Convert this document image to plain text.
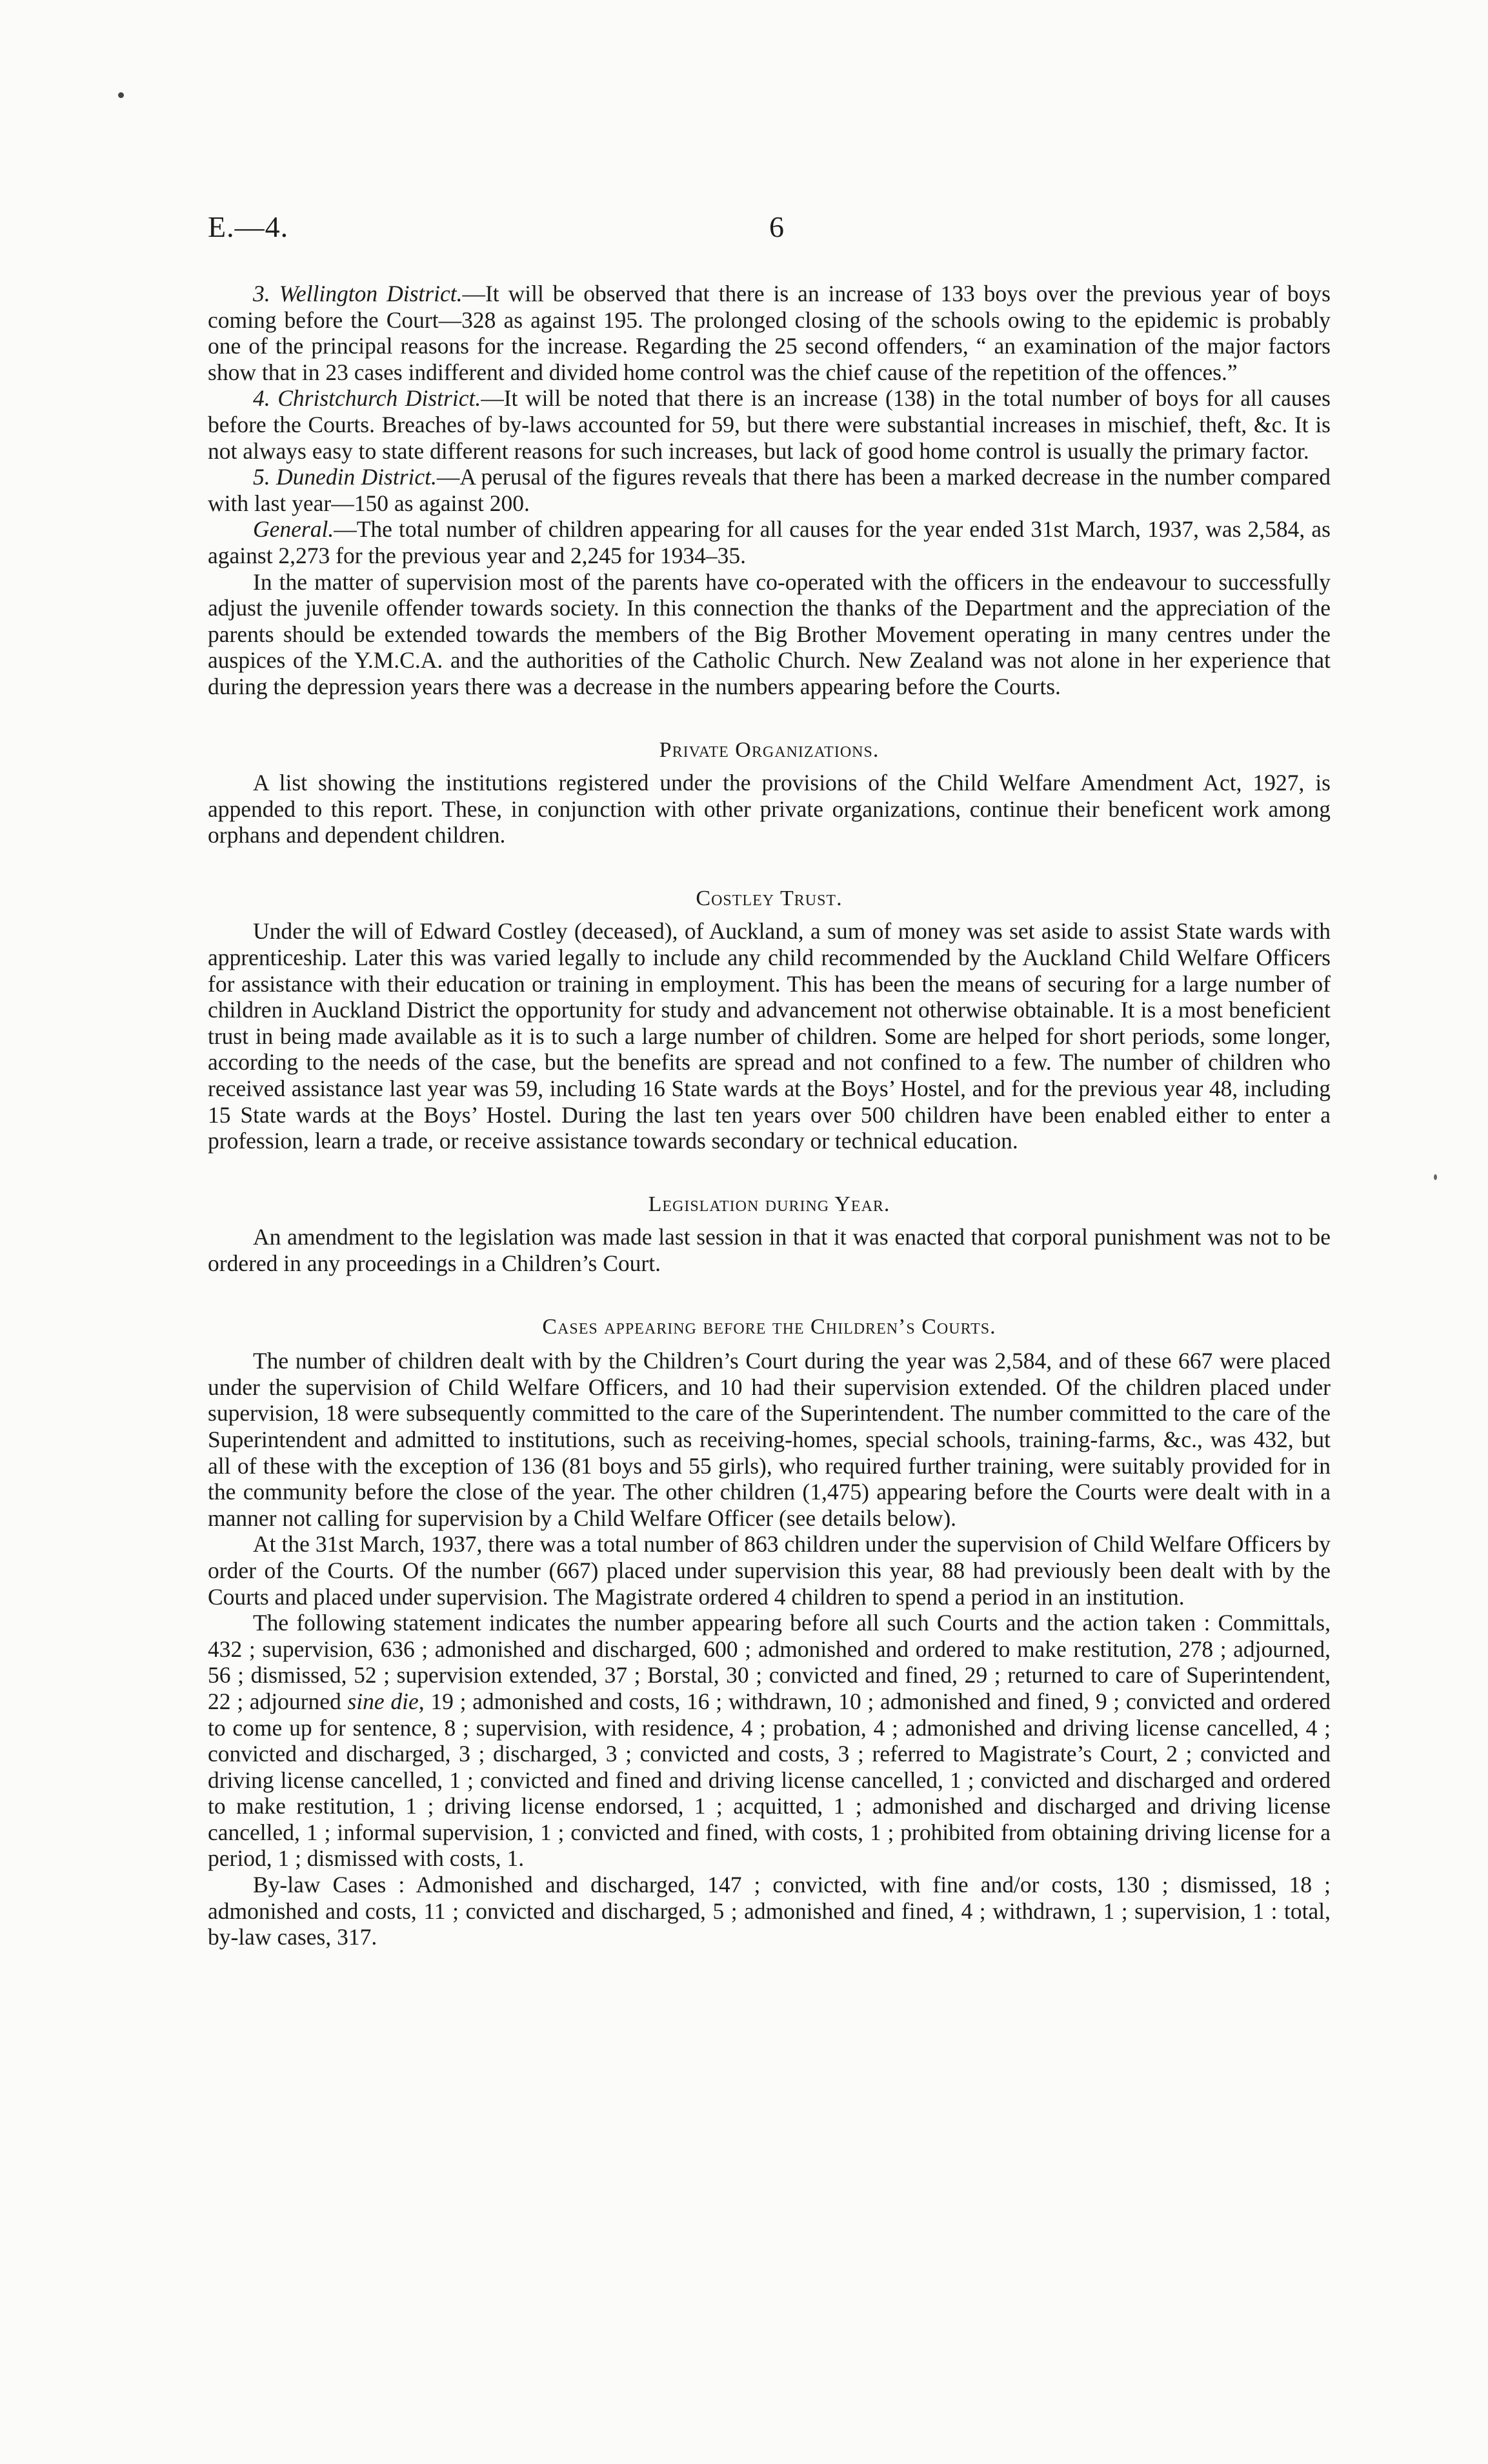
E.—4.	6

3. Wellington District.—It will be observed that there is an increase of 133 boys over the previous year of boys coming before the Court—328 as against 195. The prolonged closing of the schools owing to the epidemic is probably one of the principal reasons for the increase. Regarding the 25 second offenders, “ an examination of the major factors show that in 23 cases indifferent and divided home control was the chief cause of the repetition of the offences.”

4. Christchurch District.—It will be noted that there is an increase (138) in the total number of boys for all causes before the Courts. Breaches of by-laws accounted for 59, but there were substantial increases in mischief, theft, &c. It is not always easy to state different reasons for such increases, but lack of good home control is usually the primary factor.

5. Dunedin District.—A perusal of the figures reveals that there has been a marked decrease in the number compared with last year—150 as against 200.

General.—The total number of children appearing for all causes for the year ended 31st March, 1937, was 2,584, as against 2,273 for the previous year and 2,245 for 1934–35.

In the matter of supervision most of the parents have co-operated with the officers in the endeavour to successfully adjust the juvenile offender towards society. In this connection the thanks of the Department and the appreciation of the parents should be extended towards the members of the Big Brother Movement operating in many centres under the auspices of the Y.M.C.A. and the authorities of the Catholic Church. New Zealand was not alone in her experience that during the depression years there was a decrease in the numbers appearing before the Courts.

Private Organizations.

A list showing the institutions registered under the provisions of the Child Welfare Amendment Act, 1927, is appended to this report. These, in conjunction with other private organizations, continue their beneficent work among orphans and dependent children.

Costley Trust.

Under the will of Edward Costley (deceased), of Auckland, a sum of money was set aside to assist State wards with apprenticeship. Later this was varied legally to include any child recommended by the Auckland Child Welfare Officers for assistance with their education or training in employment. This has been the means of securing for a large number of children in Auckland District the opportunity for study and advancement not otherwise obtainable. It is a most beneficient trust in being made available as it is to such a large number of children. Some are helped for short periods, some longer, according to the needs of the case, but the benefits are spread and not confined to a few. The number of children who received assistance last year was 59, including 16 State wards at the Boys’ Hostel, and for the previous year 48, including 15 State wards at the Boys’ Hostel. During the last ten years over 500 children have been enabled either to enter a profession, learn a trade, or receive assistance towards secondary or technical education.

Legislation during Year.

An amendment to the legislation was made last session in that it was enacted that corporal punishment was not to be ordered in any proceedings in a Children’s Court.

Cases appearing before the Children’s Courts.

The number of children dealt with by the Children’s Court during the year was 2,584, and of these 667 were placed under the supervision of Child Welfare Officers, and 10 had their supervision extended. Of the children placed under supervision, 18 were subsequently committed to the care of the Superintendent. The number committed to the care of the Superintendent and admitted to institutions, such as receiving-homes, special schools, training-farms, &c., was 432, but all of these with the exception of 136 (81 boys and 55 girls), who required further training, were suitably provided for in the community before the close of the year. The other children (1,475) appearing before the Courts were dealt with in a manner not calling for supervision by a Child Welfare Officer (see details below).

At the 31st March, 1937, there was a total number of 863 children under the supervision of Child Welfare Officers by order of the Courts. Of the number (667) placed under supervision this year, 88 had previously been dealt with by the Courts and placed under supervision. The Magistrate ordered 4 children to spend a period in an institution.

The following statement indicates the number appearing before all such Courts and the action taken : Committals, 432 ; supervision, 636 ; admonished and discharged, 600 ; admonished and ordered to make restitution, 278 ; adjourned, 56 ; dismissed, 52 ; supervision extended, 37 ; Borstal, 30 ; convicted and fined, 29 ; returned to care of Superintendent, 22 ; adjourned sine die, 19 ; admonished and costs, 16 ; withdrawn, 10 ; admonished and fined, 9 ; convicted and ordered to come up for sentence, 8 ; supervision, with residence, 4 ; probation, 4 ; admonished and driving license cancelled, 4 ; convicted and discharged, 3 ; discharged, 3 ; convicted and costs, 3 ; referred to Magistrate’s Court, 2 ; convicted and driving license cancelled, 1 ; convicted and fined and driving license cancelled, 1 ; convicted and discharged and ordered to make restitution, 1 ; driving license endorsed, 1 ; acquitted, 1 ; admonished and discharged and driving license cancelled, 1 ; informal supervision, 1 ; convicted and fined, with costs, 1 ; prohibited from obtaining driving license for a period, 1 ; dismissed with costs, 1.

By-law Cases : Admonished and discharged, 147 ; convicted, with fine and/or costs, 130 ; dismissed, 18 ; admonished and costs, 11 ; convicted and discharged, 5 ; admonished and fined, 4 ; withdrawn, 1 ; supervision, 1 : total, by-law cases, 317.
